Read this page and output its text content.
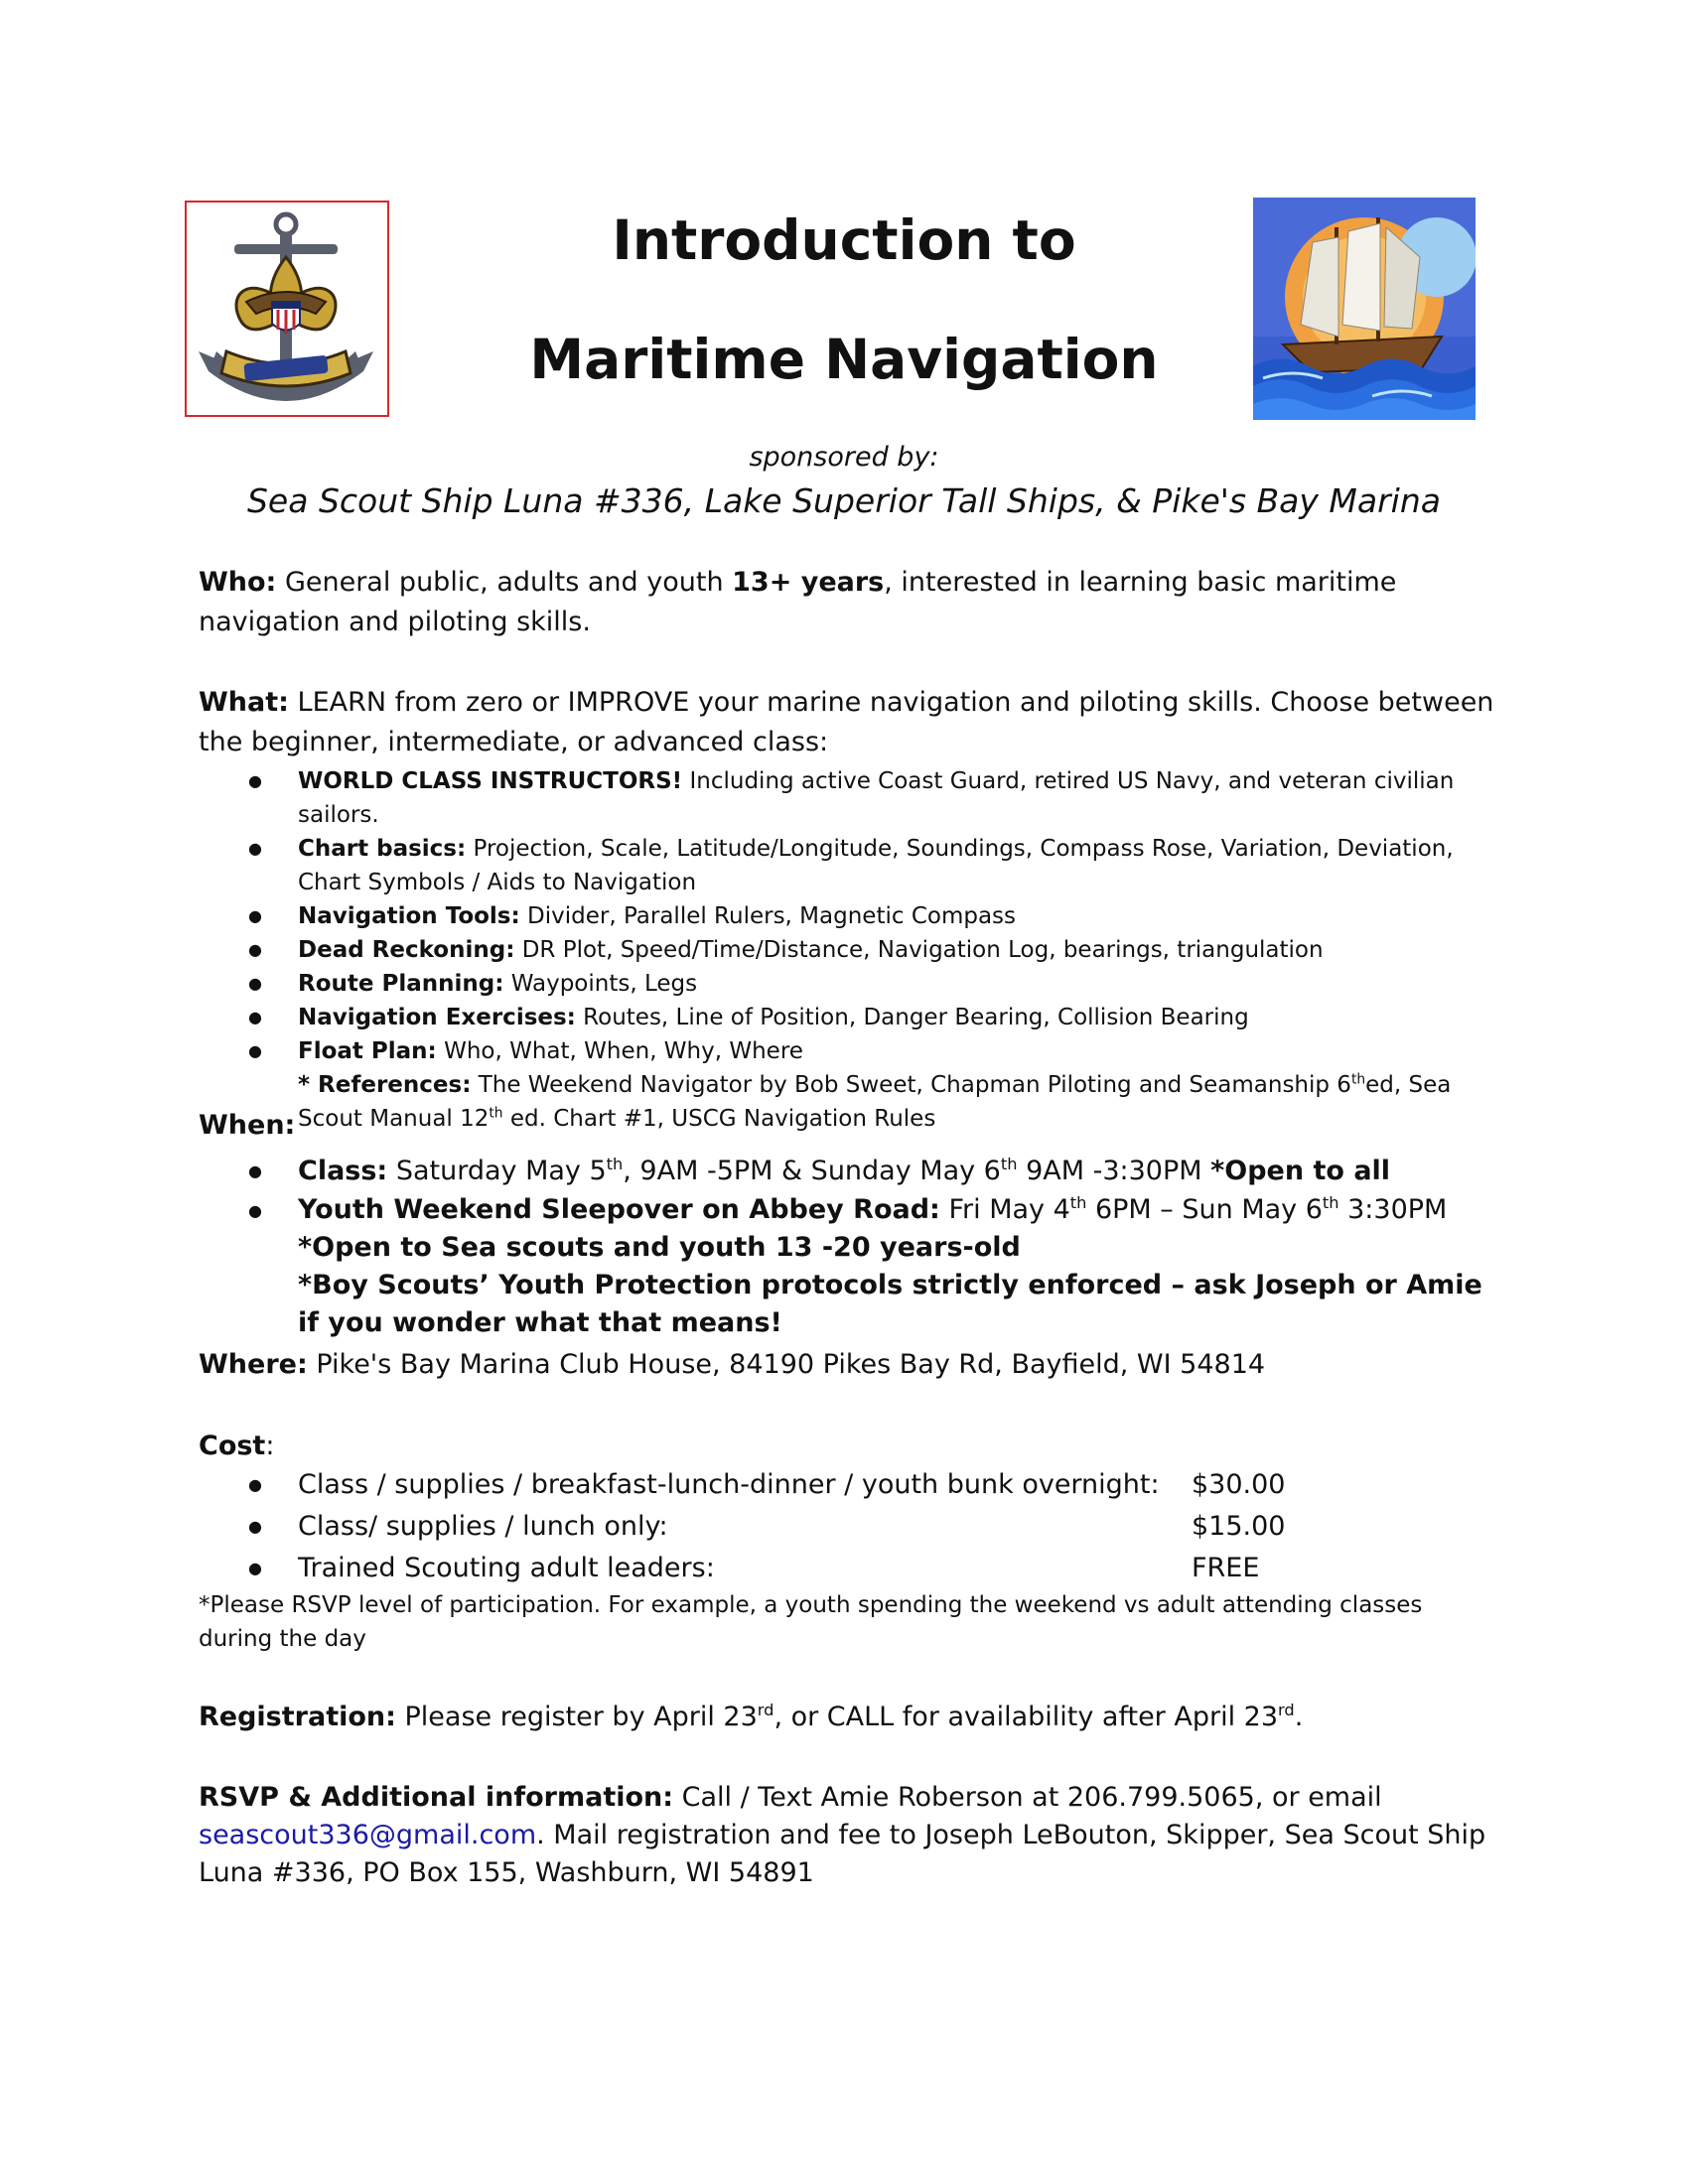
Introduction to
Maritime Navigation
sponsored by:
Sea Scout Ship Luna #336, Lake Superior Tall Ships, & Pike's Bay Marina
Who: General public, adults and youth 13+ years, interested in learning basic maritime navigation and piloting skills.
What: LEARN from zero or IMPROVE your marine navigation and piloting skills. Choose between the beginner, intermediate, or advanced class:
● WORLD CLASS INSTRUCTORS! Including active Coast Guard, retired US Navy, and veteran civilian sailors.
● Chart basics: Projection, Scale, Latitude/Longitude, Soundings, Compass Rose, Variation, Deviation, Chart Symbols / Aids to Navigation
● Navigation Tools: Divider, Parallel Rulers, Magnetic Compass
● Dead Reckoning: DR Plot, Speed/Time/Distance, Navigation Log, bearings, triangulation
● Route Planning: Waypoints, Legs
● Navigation Exercises: Routes, Line of Position, Danger Bearing, Collision Bearing
● Float Plan: Who, What, When, Why, Where
* References: The Weekend Navigator by Bob Sweet, Chapman Piloting and Seamanship 6thed, Sea Scout Manual 12th ed. Chart #1, USCG Navigation Rules
When:
● Class: Saturday May 5th, 9AM -5PM & Sunday May 6th 9AM -3:30PM *Open to all
● Youth Weekend Sleepover on Abbey Road: Fri May 4th 6PM – Sun May 6th 3:30PM
*Open to Sea scouts and youth 13 -20 years-old
*Boy Scouts’ Youth Protection protocols strictly enforced – ask Joseph or Amie if you wonder what that means!
Where: Pike's Bay Marina Club House, 84190 Pikes Bay Rd, Bayfield, WI 54814
Cost:
● Class / supplies / breakfast-lunch-dinner / youth bunk overnight: $30.00
● Class/ supplies / lunch only:	$15.00
● Trained Scouting adult leaders:	FREE
*Please RSVP level of participation. For example, a youth spending the weekend vs adult attending classes during the day
Registration: Please register by April 23rd, or CALL for availability after April 23rd.
RSVP & Additional information: Call / Text Amie Roberson at 206.799.5065, or email
seascout336@gmail.com. Mail registration and fee to Joseph LeBouton, Skipper, Sea Scout Ship Luna #336, PO Box 155, Washburn, WI 54891
